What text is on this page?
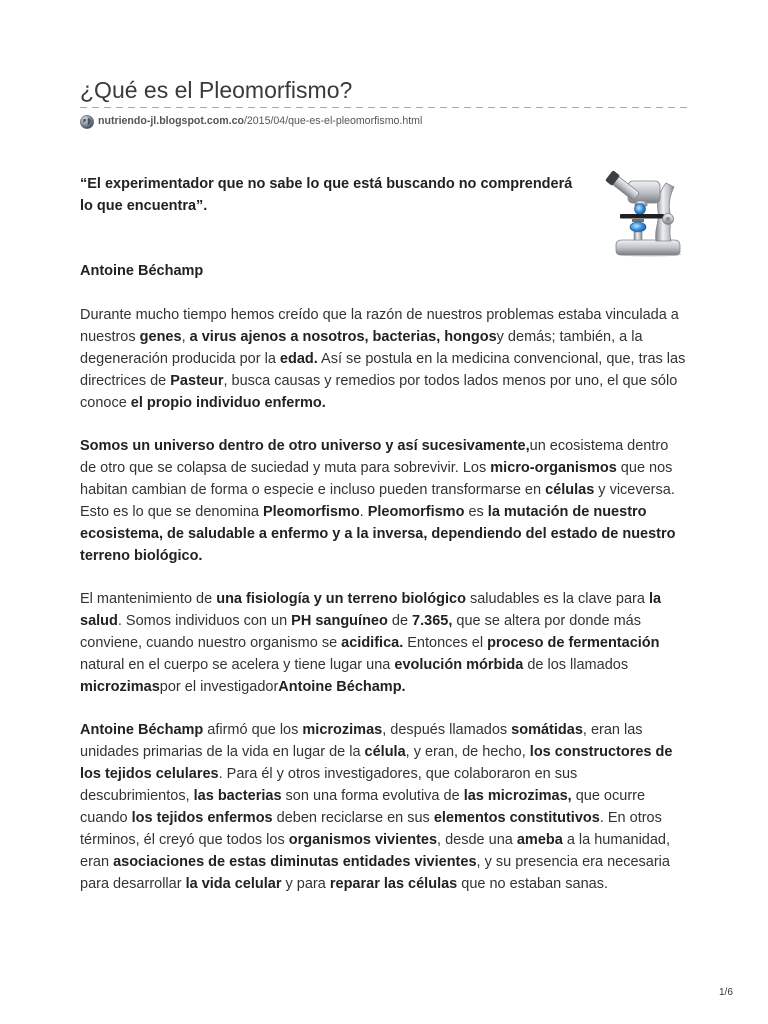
¿Qué es el Pleomorfismo?
nutriendo-jl.blogspot.com.co/2015/04/que-es-el-pleomorfismo.html
“El experimentador que no sabe lo que está buscando no comprenderá
lo que encuentra”.
Antoine Béchamp
Durante mucho tiempo hemos creído que la razón de nuestros problemas estaba vinculada a
nuestros genes, a virus ajenos a nosotros, bacterias, hongosy demás; también, a la
degeneración producida por la edad. Así se postula en la medicina convencional, que, tras las
directrices de Pasteur, busca causas y remedios por todos lados menos por uno, el que sólo
conoce el propio individuo enfermo.
Somos un universo dentro de otro universo y así sucesivamente,un ecosistema dentro
de otro que se colapsa de suciedad y muta para sobrevivir. Los micro-organismos que nos
habitan cambian de forma o especie e incluso pueden transformarse en células y viceversa.
Esto es lo que se denomina Pleomorfismo. Pleomorfismo es la mutación de nuestro
ecosistema, de saludable a enfermo y a la inversa, dependiendo del estado de nuestro
terreno biológico.
El mantenimiento de una fisiología y un terreno biológico saludables es la clave para la
salud. Somos individuos con un PH sanguíneo de 7.365, que se altera por donde más
conviene, cuando nuestro organismo se acidifica. Entonces el proceso de fermentación
natural en el cuerpo se acelera y tiene lugar una evolución mórbida de los llamados
microzimaspor el investigadorAntoine Béchamp.
Antoine Béchamp afirmó que los microzimas, después llamados somátidas, eran las
unidades primarias de la vida en lugar de la célula, y eran, de hecho, los constructores de
los tejidos celulares. Para él y otros investigadores, que colaboraron en sus
descubrimientos, las bacterias son una forma evolutiva de las microzimas, que ocurre
cuando los tejidos enfermos deben reciclarse en sus elementos constitutivos. En otros
términos, él creyó que todos los organismos vivientes, desde una ameba a la humanidad,
eran asociaciones de estas diminutas entidades vivientes, y su presencia era necesaria
para desarrollar la vida celular y para reparar las células que no estaban sanas.
1/6
